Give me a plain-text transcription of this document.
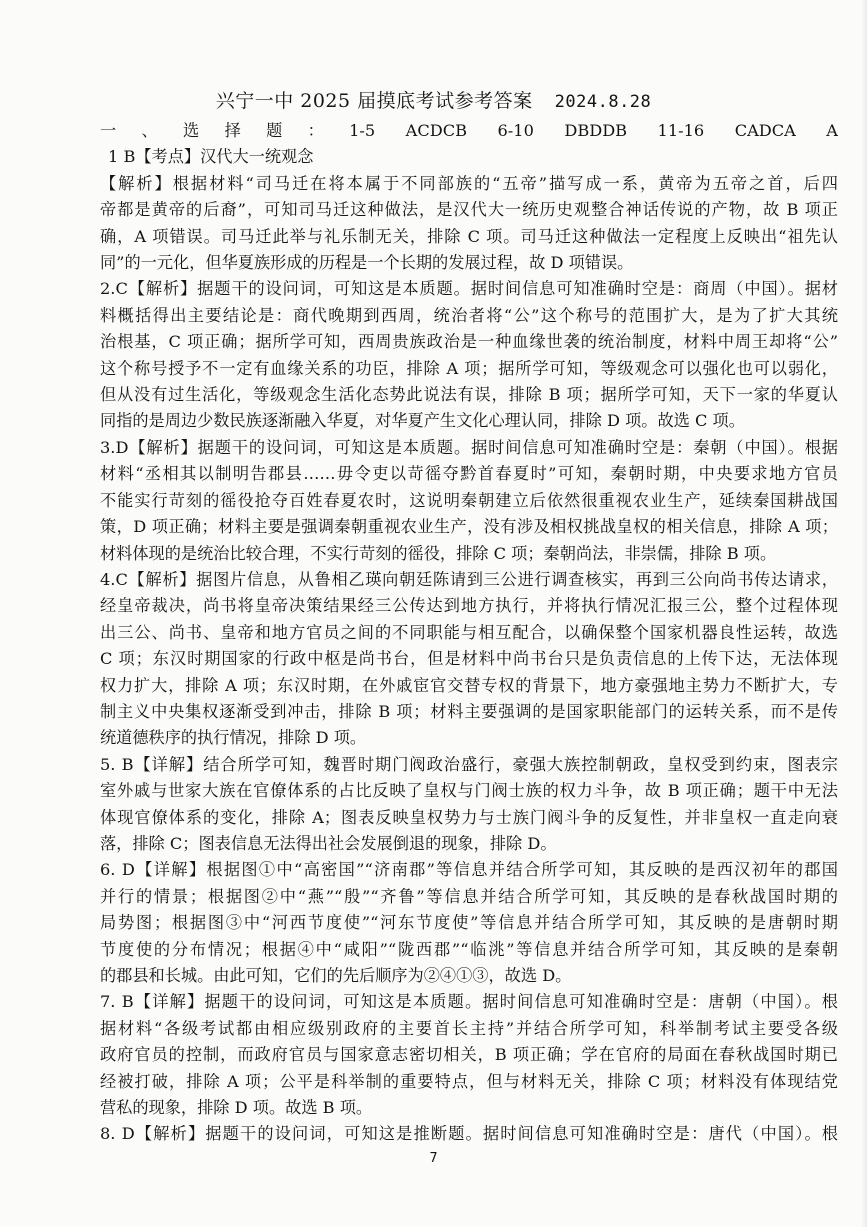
兴宁一中 2025 届摸底考试参考答案 2024.8.28
一、选择题：1-5 ACDCB 6-10 DBDDB 11-16 CADCA A
1 B【考点】汉代大一统观念
【解析】根据材料“司马迁在将本属于不同部族的“五帝”描写成一系，黄帝为五帝之首，后四
帝都是黄帝的后裔”，可知司马迁这种做法，是汉代大一统历史观整合神话传说的产物，故 B 项正
确，A 项错误。司马迁此举与礼乐制无关，排除 C 项。司马迁这种做法一定程度上反映出“祖先认
同”的一元化，但华夏族形成的历程是一个长期的发展过程，故 D 项错误。
2.C【解析】据题干的设问词，可知这是本质题。据时间信息可知准确时空是：商周（中国）。据材
料概括得出主要结论是：商代晚期到西周，统治者将“公”这个称号的范围扩大，是为了扩大其统
治根基，C 项正确；据所学可知，西周贵族政治是一种血缘世袭的统治制度，材料中周王却将“公”
这个称号授予不一定有血缘关系的功臣，排除 A 项；据所学可知，等级观念可以强化也可以弱化，
但从没有过生活化，等级观念生活化态势此说法有误，排除 B 项；据所学可知，天下一家的华夏认
同指的是周边少数民族逐渐融入华夏，对华夏产生文化心理认同，排除 D 项。故选 C 项。
3.D【解析】据题干的设问词，可知这是本质题。据时间信息可知准确时空是：秦朝（中国）。根据
材料“丞相其以制明告郡县……毋令吏以苛徭夺黔首春夏时”可知，秦朝时期，中央要求地方官员
不能实行苛刻的徭役抢夺百姓春夏农时，这说明秦朝建立后依然很重视农业生产，延续秦国耕战国
策，D 项正确；材料主要是强调秦朝重视农业生产，没有涉及相权挑战皇权的相关信息，排除 A 项；
材料体现的是统治比较合理，不实行苛刻的徭役，排除 C 项；秦朝尚法，非崇儒，排除 B 项。
4.C【解析】据图片信息，从鲁相乙瑛向朝廷陈请到三公进行调查核实，再到三公向尚书传达请求，
经皇帝裁决，尚书将皇帝决策结果经三公传达到地方执行，并将执行情况汇报三公，整个过程体现
出三公、尚书、皇帝和地方官员之间的不同职能与相互配合，以确保整个国家机器良性运转，故选
C 项；东汉时期国家的行政中枢是尚书台，但是材料中尚书台只是负责信息的上传下达，无法体现
权力扩大，排除 A 项；东汉时期，在外戚宦官交替专权的背景下，地方豪强地主势力不断扩大，专
制主义中央集权逐渐受到冲击，排除 B 项；材料主要强调的是国家职能部门的运转关系，而不是传
统道德秩序的执行情况，排除 D 项。
5. B【详解】结合所学可知，魏晋时期门阀政治盛行，豪强大族控制朝政，皇权受到约束，图表宗
室外戚与世家大族在官僚体系的占比反映了皇权与门阀士族的权力斗争，故 B 项正确；题干中无法
体现官僚体系的变化，排除 A；图表反映皇权势力与士族门阀斗争的反复性，并非皇权一直走向衰
落，排除 C；图表信息无法得出社会发展倒退的现象，排除 D。
6. D【详解】根据图①中“高密国”“济南郡”等信息并结合所学可知，其反映的是西汉初年的郡国
并行的情景；根据图②中“燕”“殷”“齐鲁”等信息并结合所学可知，其反映的是春秋战国时期的
局势图；根据图③中“河西节度使”“河东节度使”等信息并结合所学可知，其反映的是唐朝时期
节度使的分布情况；根据④中“咸阳”“陇西郡”“临洮”等信息并结合所学可知，其反映的是秦朝
的郡县和长城。由此可知，它们的先后顺序为②④①③，故选 D。
7. B【详解】据题干的设问词，可知这是本质题。据时间信息可知准确时空是：唐朝（中国）。根
据材料“各级考试都由相应级别政府的主要首长主持”并结合所学可知，科举制考试主要受各级
政府官员的控制，而政府官员与国家意志密切相关，B 项正确；学在官府的局面在春秋战国时期已
经被打破，排除 A 项；公平是科举制的重要特点，但与材料无关，排除 C 项；材料没有体现结党
营私的现象，排除 D 项。故选 B 项。
8. D【解析】据题干的设问词，可知这是推断题。据时间信息可知准确时空是：唐代（中国）。根
7
